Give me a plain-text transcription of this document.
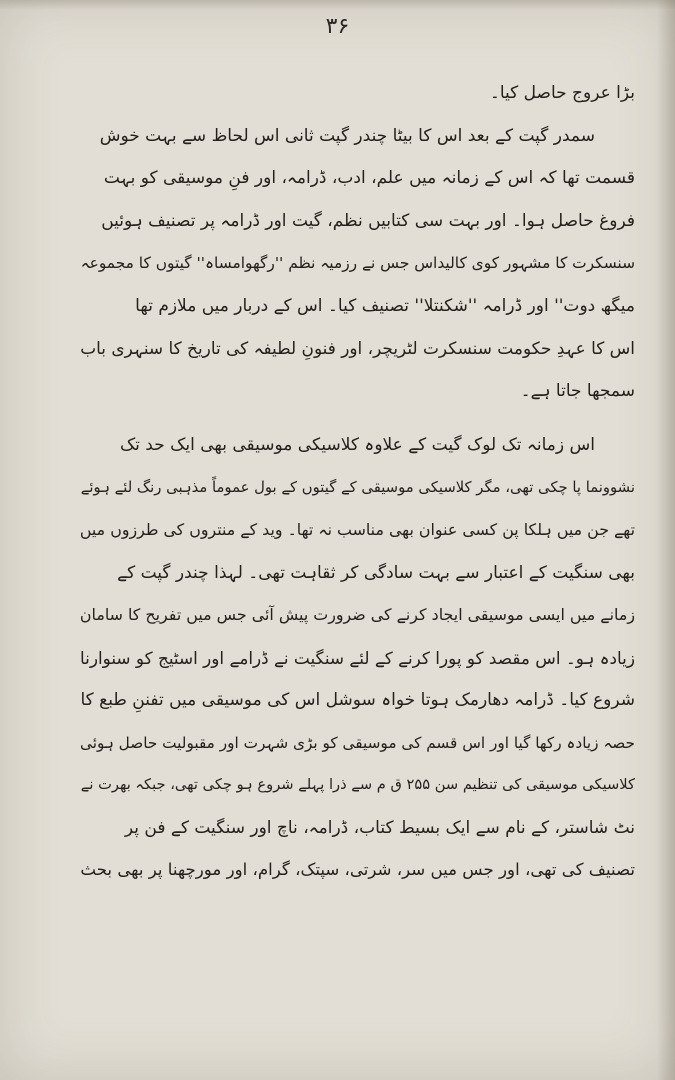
۳۶
بڑا عروج حاصل کیا۔
سمدر گپت کے بعد اس کا بیٹا چندر گپت ثانی اس لحاظ سے بہت خوش
قسمت تھا کہ اس کے زمانہ میں علم، ادب، ڈرامہ، اور فنِ موسیقی کو بہت
فروغ حاصل ہوا۔ اور بہت سی کتابیں نظم، گیت اور ڈرامہ پر تصنیف ہوئیں
سنسکرت کا مشہور کوی کالیداس جس نے رزمیہ نظم ''رگھوامساہ'' گیتوں کا مجموعہ
میگھ دوت'' اور ڈرامہ ''شکنتلا'' تصنیف کیا۔ اس کے دربار میں ملازم تھا
اس کا عہدِ حکومت سنسکرت لٹریچر، اور فنونِ لطیفہ کی تاریخ کا سنہری باب
سمجھا جاتا ہے۔
اس زمانہ تک لوک گیت کے علاوہ کلاسیکی موسیقی بھی ایک حد تک
نشوونما پا چکی تھی، مگر کلاسیکی موسیقی کے گیتوں کے بول عموماً مذہبی رنگ لئے ہوئے
تھے جن میں ہلکا پن کسی عنوان بھی مناسب نہ تھا۔ وید کے منتروں کی طرزوں میں
بھی سنگیت کے اعتبار سے بہت سادگی کر ثقاہت تھی۔ لہذا چندر گپت کے
زمانے میں ایسی موسیقی ایجاد کرنے کی ضرورت پیش آئی جس میں تفریح کا سامان
زیادہ ہو۔ اس مقصد کو پورا کرنے کے لئے سنگیت نے ڈرامے اور اسٹیج کو سنوارنا
شروع کیا۔ ڈرامہ دھارمک ہوتا خواہ سوشل اس کی موسیقی میں تفننِ طبع کا
حصہ زیادہ رکھا گیا اور اس قسم کی موسیقی کو بڑی شہرت اور مقبولیت حاصل ہوئی
کلاسیکی موسیقی کی تنظیم سن ۲۵۵ ق م سے ذرا پہلے شروع ہو چکی تھی، جبکہ بھرت نے
نٹ شاستر، کے نام سے ایک بسیط کتاب، ڈرامہ، ناچ اور سنگیت کے فن پر
تصنیف کی تھی، اور جس میں سر، شرتی، سپتک، گرام، اور مورچھنا پر بھی بحث
